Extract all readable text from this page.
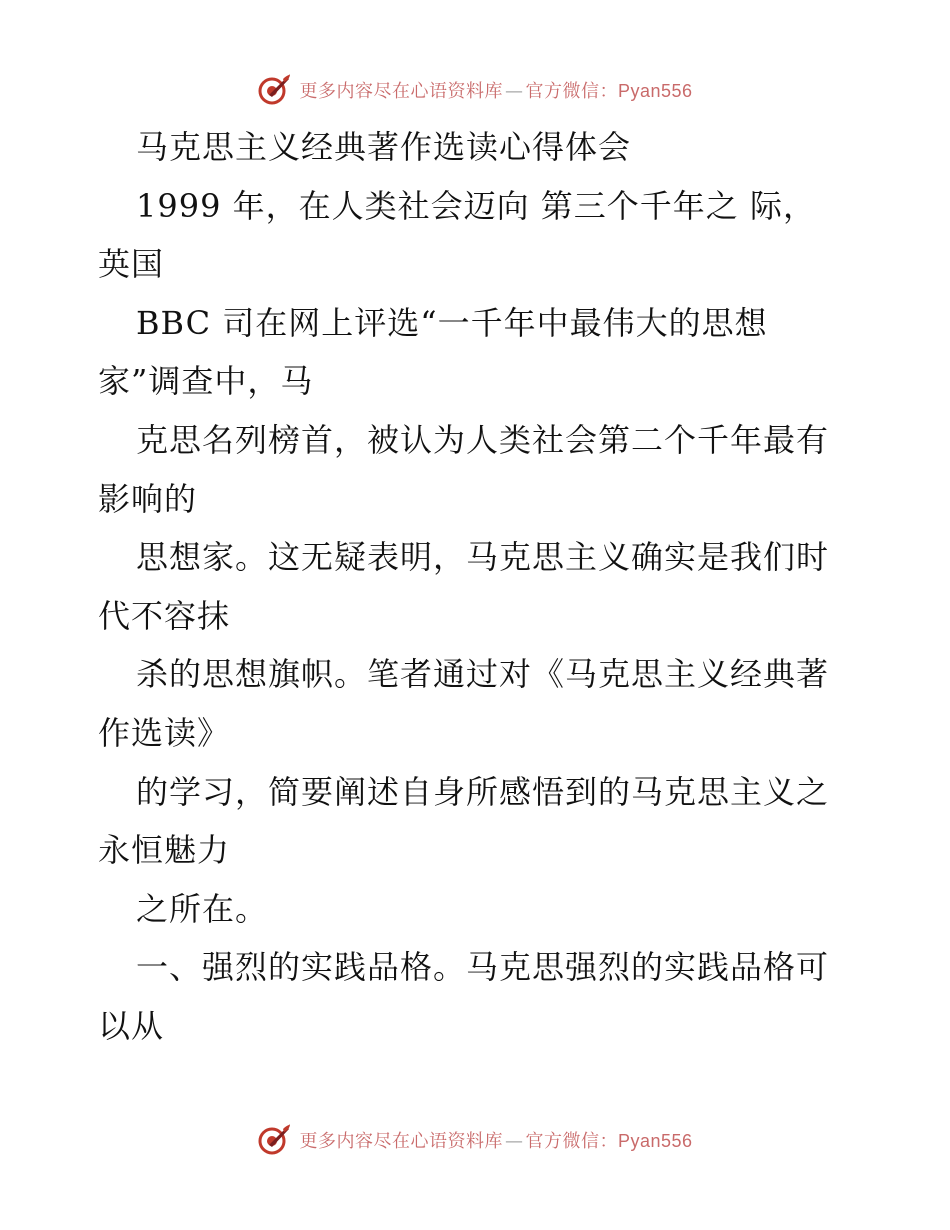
更多内容尽在心语资料库 — 官方微信：Pyan556
马克思主义经典著作选读心得体会
1999 年，在人类社会迈向 第三个千年之 际，
英国
BBC 司在网上评选“一千年中最伟大的思想
家”调查中，马
克思名列榜首，被认为人类社会第二个千年最有
影响的
思想家。这无疑表明，马克思主义确实是我们时
代不容抹
杀的思想旗帜。笔者通过对《马克思主义经典著
作选读》
的学习，简要阐述自身所感悟到的马克思主义之
永恒魅力
之所在。
一、强烈的实践品格。马克思强烈的实践品格可
以从
更多内容尽在心语资料库 — 官方微信：Pyan556
